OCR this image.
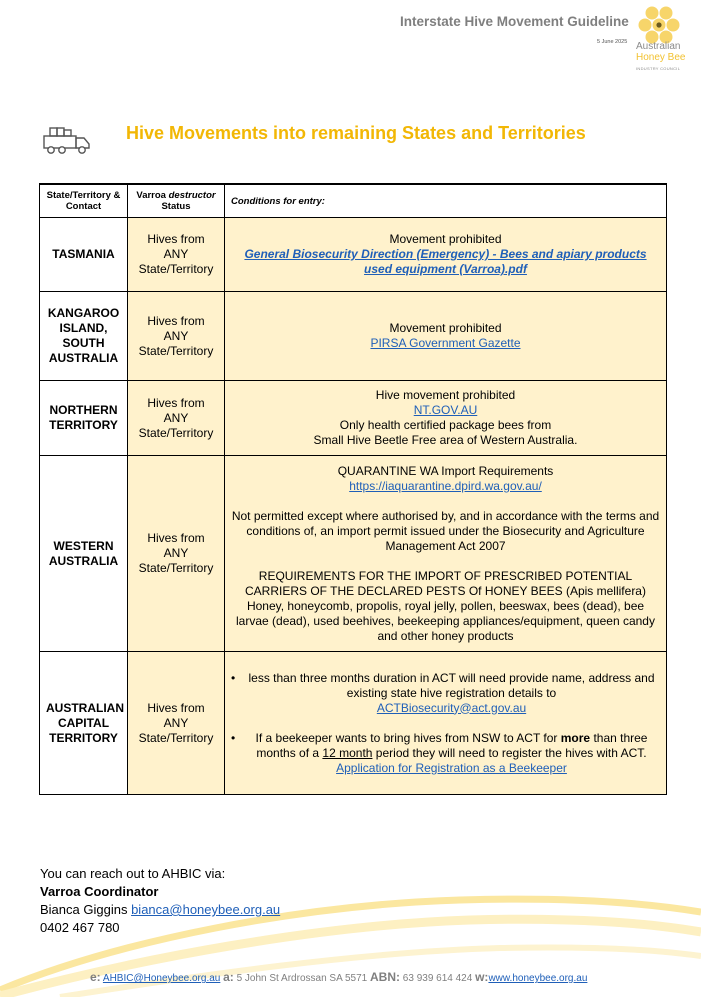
Interstate Hive Movement Guideline
5 June 2025 Australian
Honey Bee
INDUSTRY COUNCIL
Hive Movements into remaining States and Territories
State/Territory & Contact	Varroa destructor Status	Conditions for entry:
TASMANIA	Hives from ANY State/Territory	Movement prohibited
General Biosecurity Direction (Emergency) - Bees and apiary products used equipment (Varroa).pdf
KANGAROO ISLAND, SOUTH AUSTRALIA	Hives from ANY State/Territory	Movement prohibited
PIRSA Government Gazette
NORTHERN TERRITORY	Hives from ANY State/Territory	Hive movement prohibited
NT.GOV.AU
Only health certified package bees from
Small Hive Beetle Free area of Western Australia.

WESTERN AUSTRALIA	Hives from ANY State/Territory	QUARANTINE WA Import Requirements
https://iaquarantine.dpird.wa.gov.au/
Not permitted except where authorised by, and in accordance with the terms and conditions of, an import permit issued under the Biosecurity and Agriculture Management Act 2007
REQUIREMENTS FOR THE IMPORT OF PRESCRIBED POTENTIAL CARRIERS OF THE DECLARED PESTS Of HONEY BEES (Apis mellifera) Honey, honeycomb, propolis, royal jelly, pollen, beeswax, bees (dead), bee larvae (dead), used beehives, beekeeping appliances/equipment, queen candy and other honey products

AUSTRALIAN CAPITAL TERRITORY	Hives from ANY State/Territory	• less than three months duration in ACT will need provide name, address and existing state hive registration details to
ACTBiosecurity@act.gov.au
• If a beekeeper wants to bring hives from NSW to ACT for more than three months of a 12 month period they will need to register the hives with ACT.
Application for Registration as a Beekeeper
You can reach out to AHBIC via:
Varroa Coordinator
Bianca Giggins bianca@honeybee.org.au
0402 467 780
e: AHBIC@Honeybee.org.au a: 5 John St Ardrossan SA 5571 ABN: 63 939 614 424 w:www.honeybee.org.au
